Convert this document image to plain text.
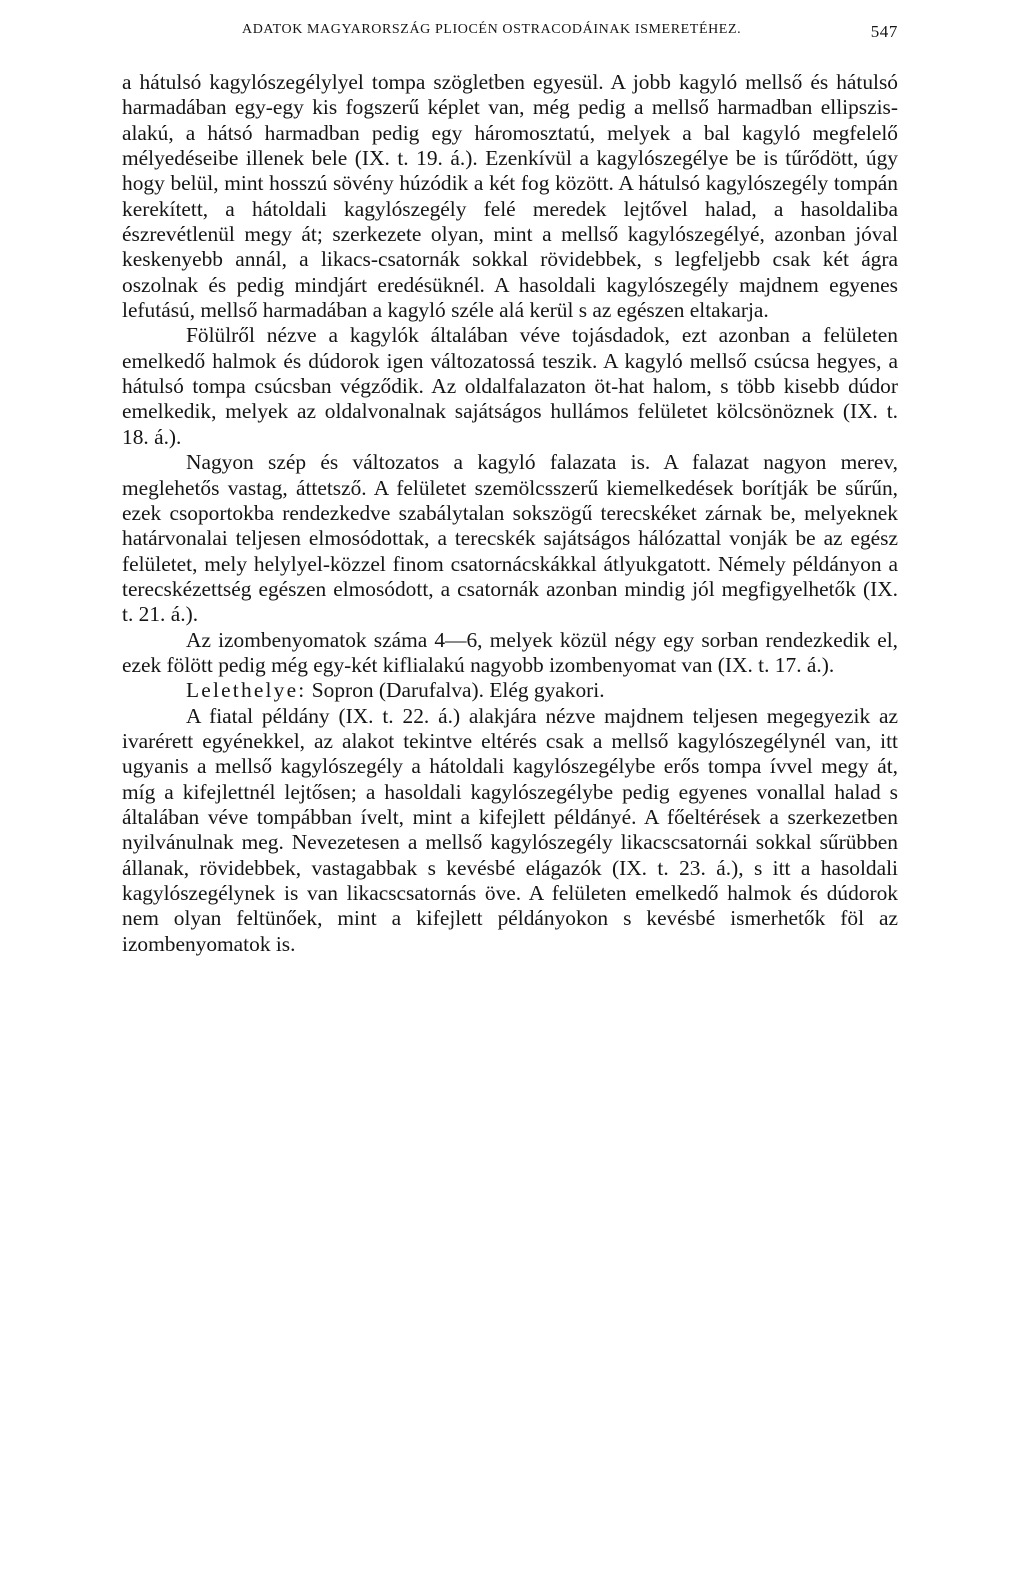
ADATOK MAGYARORSZÁG PLIOCÉN OSTRACODÁINAK ISMERETÉHEZ.	547

a hátulsó kagylószegélylyel tompa szögletben egyesül. A jobb kagyló mellső és hátulsó harmadában egy-egy kis fogszerű képlet van, még pedig a mellső harmadban ellipszis-alakú, a hátsó harmadban pedig egy háromosztatú, melyek a bal kagyló megfelelő mélyedéseibe illenek bele (IX. t. 19. á.). Ezenkívül a kagylószegélye be is tűrődött, úgy hogy belül, mint hosszú sövény húzódik a két fog között. A hátulsó kagylószegély tompán kerekített, a hátoldali kagylószegély felé meredek lejtővel halad, a hasoldaliba észrevétlenül megy át; szerkezete olyan, mint a mellső kagylószegélyé, azonban jóval keskenyebb annál, a likacs-csatornák sokkal rövidebbek, s legfeljebb csak két ágra oszolnak és pedig mindjárt eredésüknél. A hasoldali kagylószegély majdnem egyenes lefutású, mellső harmadában a kagyló széle alá kerül s az egészen eltakarja.

Fölülről nézve a kagylók általában véve tojásdadok, ezt azonban a felületen emelkedő halmok és dúdorok igen változatossá teszik. A kagyló mellső csúcsa hegyes, a hátulsó tompa csúcsban végződik. Az oldalfalazaton öt-hat halom, s több kisebb dúdor emelkedik, melyek az oldalvonalnak sajátságos hullámos felületet kölcsönöznek (IX. t. 18. á.).

Nagyon szép és változatos a kagyló falazata is. A falazat nagyon merev, meglehetős vastag, áttetsző. A felületet szemölcsszerű kiemelkedések borítják be sűrűn, ezek csoportokba rendezkedve szabálytalan sokszögű terecskéket zárnak be, melyeknek határvonalai teljesen elmosódottak, a terecskék sajátságos hálózattal vonják be az egész felületet, mely helylyel-közzel finom csatornácskákkal átlyukgatott. Némely példányon a terecskézettség egészen elmosódott, a csatornák azonban mindig jól megfigyelhetők (IX. t. 21. á.).

Az izombenyomatok száma 4—6, melyek közül négy egy sorban rendezkedik el, ezek fölött pedig még egy-két kiflialakú nagyobb izombenyomat van (IX. t. 17. á.).

Lelethelye: Sopron (Darufalva). Elég gyakori.

A fiatal példány (IX. t. 22. á.) alakjára nézve majdnem teljesen megegyezik az ivarérett egyénekkel, az alakot tekintve eltérés csak a mellső kagylószegélynél van, itt ugyanis a mellső kagylószegély a hátoldali kagylószegélybe erős tompa ívvel megy át, míg a kifejlettnél lejtősen; a hasoldali kagylószegélybe pedig egyenes vonallal halad s általában véve tompábban ívelt, mint a kifejlett példányé. A főeltérések a szerkezetben nyilvánulnak meg. Nevezetesen a mellső kagylószegély likacscsatornái sokkal sűrübben állanak, rövidebbek, vastagabbak s kevésbé elágazók (IX. t. 23. á.), s itt a hasoldali kagylószegélynek is van likacscsatornás öve. A felületen emelkedő halmok és dúdorok nem olyan feltünőek, mint a kifejlett példányokon s kevésbé ismerhetők föl az izombenyomatok is.
